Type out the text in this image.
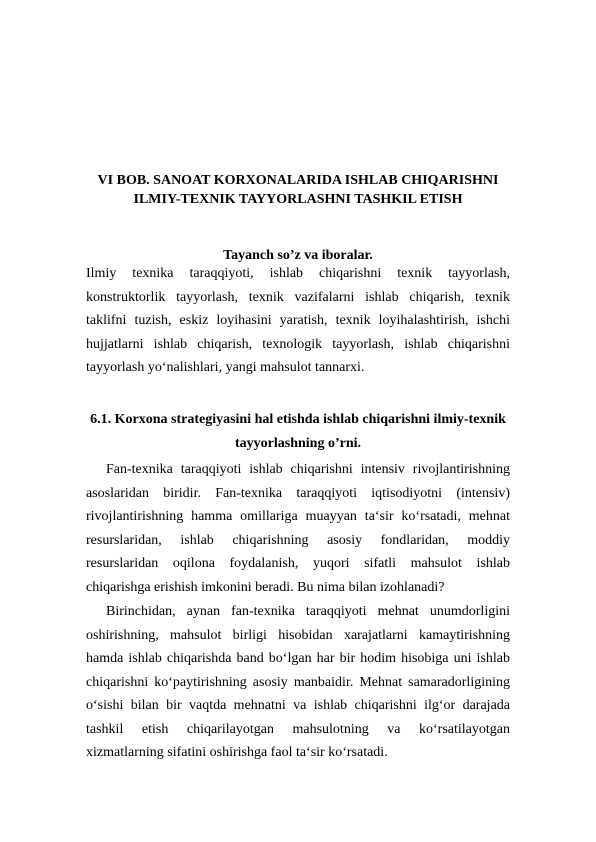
VI BOB. SANOAT KORXONALARIDA ISHLAB CHIQARISHNI ILMIY-TEXNIK TAYYORLASHNI TASHKIL ETISH
Tayanch so’z va iboralar.

Ilmiy texnika taraqqiyoti, ishlab chiqarishni texnik tayyorlash, konstruktorlik tayyorlash, texnik vazifalarni ishlab chiqarish, texnik taklifni tuzish, eskiz loyihasini yaratish, texnik loyihalashtirish, ishchi hujjatlarni ishlab chiqarish, texnologik tayyorlash, ishlab chiqarishni tayyorlash yo‘nalishlari, yangi mahsulot tannarxi.

6.1. Korxona strategiyasini hal etishda ishlab chiqarishni ilmiy-texnik tayyorlashning o’rni.

Fan-texnika taraqqiyoti ishlab chiqarishni intensiv rivojlantirishning asoslaridan biridir. Fan-texnika taraqqiyoti iqtisodiyotni (intensiv) rivojlantirishning hamma omillariga muayyan ta‘sir ko‘rsatadi, mehnat resurslaridan, ishlab chiqarishning asosiy fondlaridan, moddiy resurslaridan oqilona foydalanish, yuqori sifatli mahsulot ishlab chiqarishga erishish imkonini beradi. Bu nima bilan izohlanadi?

Birinchidan, aynan fan-texnika taraqqiyoti mehnat unumdorligini oshirishning, mahsulot birligi hisobidan xarajatlarni kamaytirishning hamda ishlab chiqarishda band bo‘lgan har bir hodim hisobiga uni ishlab chiqarishni ko‘paytirishning asosiy manbaidir. Mehnat samaradorligining o‘sishi bilan bir vaqtda mehnatni va ishlab chiqarishni ilg‘or darajada tashkil etish chiqarilayotgan mahsulotning va ko‘rsatilayotgan xizmatlarning sifatini oshirishga faol ta‘sir ko‘rsatadi.
